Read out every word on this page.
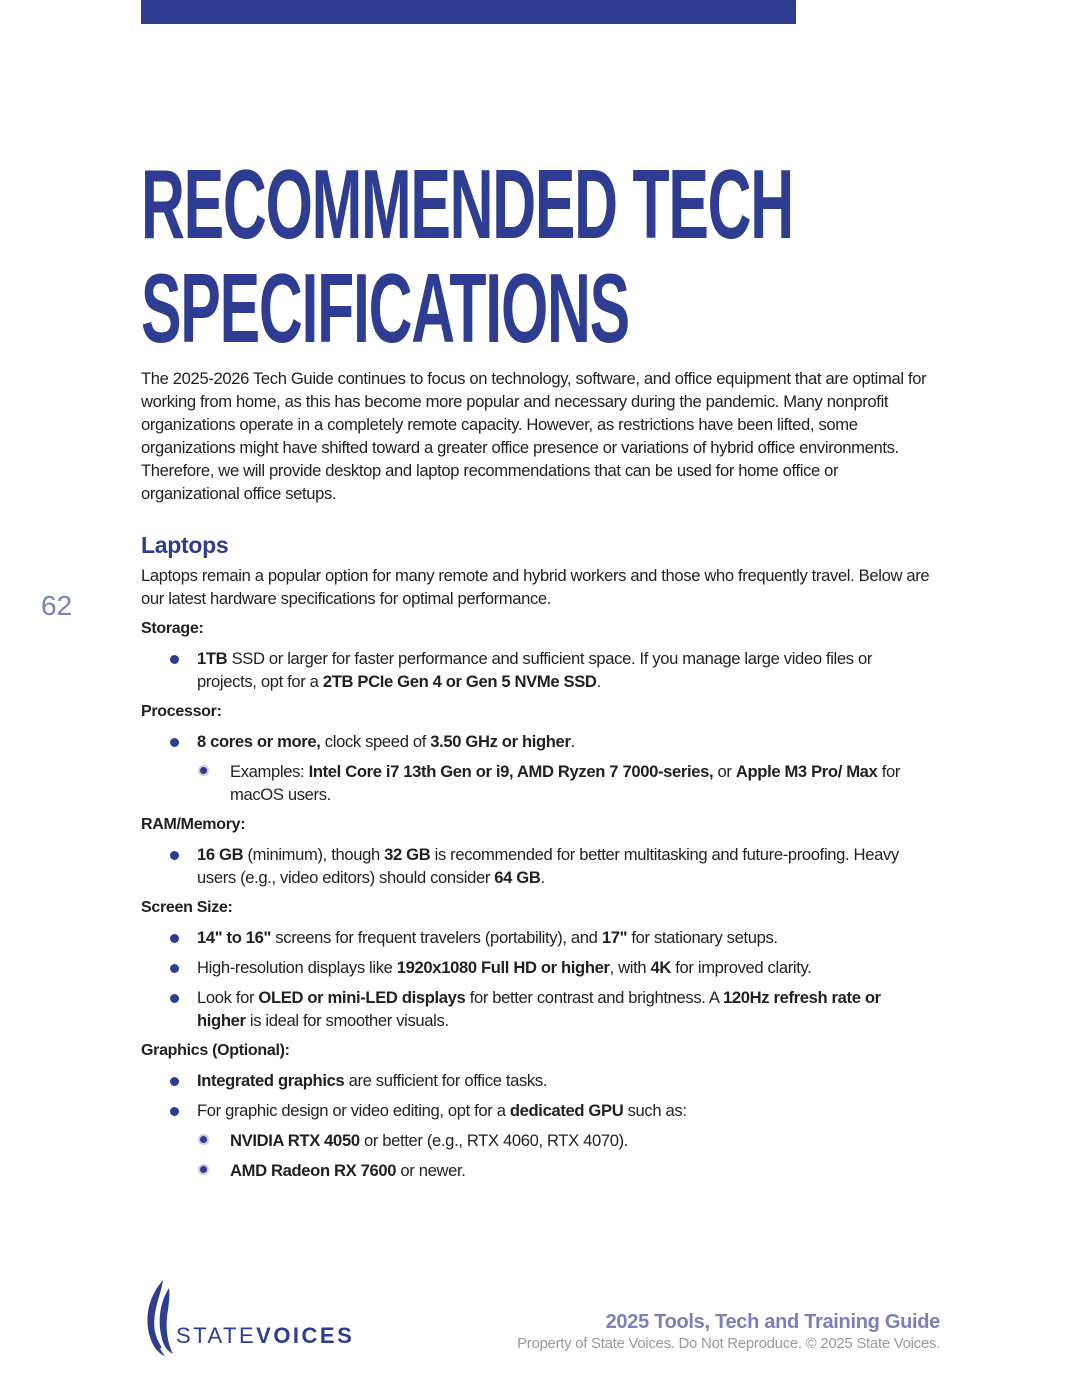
RECOMMENDED TECH
SPECIFICATIONS

The 2025-2026 Tech Guide continues to focus on technology, software, and office equipment that are optimal for working from home, as this has become more popular and necessary during the pandemic. Many nonprofit organizations operate in a completely remote capacity. However, as restrictions have been lifted, some organizations might have shifted toward a greater office presence or variations of hybrid office environments. Therefore, we will provide desktop and laptop recommendations that can be used for home office or organizational office setups.

62
Laptops

Laptops remain a popular option for many remote and hybrid workers and those who frequently travel. Below are our latest hardware specifications for optimal performance.

Storage:
1TB SSD or larger for faster performance and sufficient space. If you manage large video files or projects, opt for a 2TB PCIe Gen 4 or Gen 5 NVMe SSD.
Processor:
8 cores or more, clock speed of 3.50 GHz or higher.
Examples: Intel Core i7 13th Gen or i9, AMD Ryzen 7 7000-series, or Apple M3 Pro/ Max for macOS users.
RAM/Memory:
16 GB (minimum), though 32 GB is recommended for better multitasking and future-proofing. Heavy users (e.g., video editors) should consider 64 GB.
Screen Size:
14" to 16" screens for frequent travelers (portability), and 17" for stationary setups.
High-resolution displays like 1920x1080 Full HD or higher, with 4K for improved clarity.
Look for OLED or mini-LED displays for better contrast and brightness. A 120Hz refresh rate or higher is ideal for smoother visuals.
Graphics (Optional):
Integrated graphics are sufficient for office tasks.
For graphic design or video editing, opt for a dedicated GPU such as:
NVIDIA RTX 4050 or better (e.g., RTX 4060, RTX 4070).
AMD Radeon RX 7600 or newer.
STATEVOICES
2025 Tools, Tech and Training Guide
Property of State Voices. Do Not Reproduce. © 2025 State Voices.
